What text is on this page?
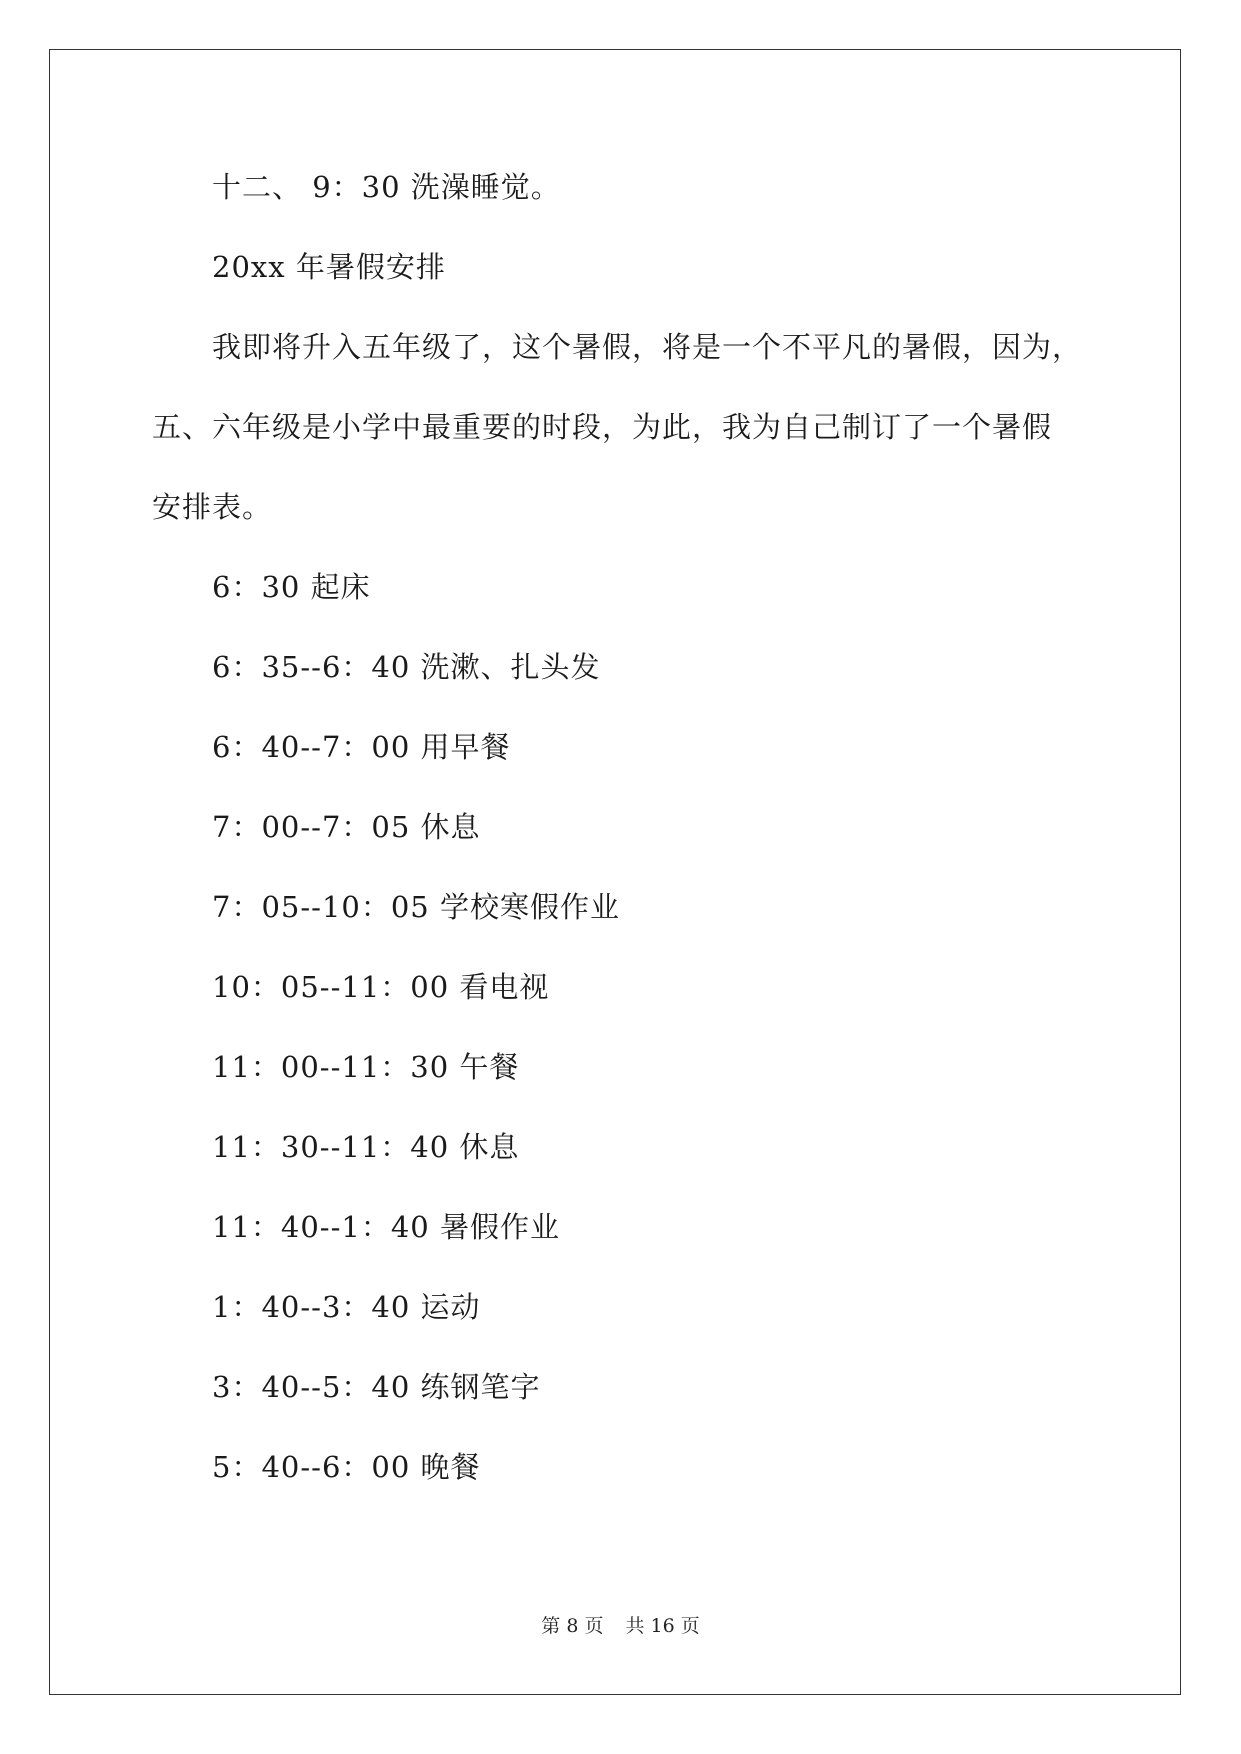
十二、 9：30 洗澡睡觉。
20xx 年暑假安排
我即将升入五年级了，这个暑假，将是一个不平凡的暑假，因为，
五、六年级是小学中最重要的时段，为此，我为自己制订了一个暑假
安排表。
6：30 起床
6：35--6：40 洗漱、扎头发
6：40--7：00 用早餐
7：00--7：05 休息
7：05--10：05 学校寒假作业
10：05--11：00 看电视
11：00--11：30 午餐
11：30--11：40 休息
11：40--1：40 暑假作业
1：40--3：40 运动
3：40--5：40 练钢笔字
5：40--6：00 晚餐
第 8 页 共 16 页
